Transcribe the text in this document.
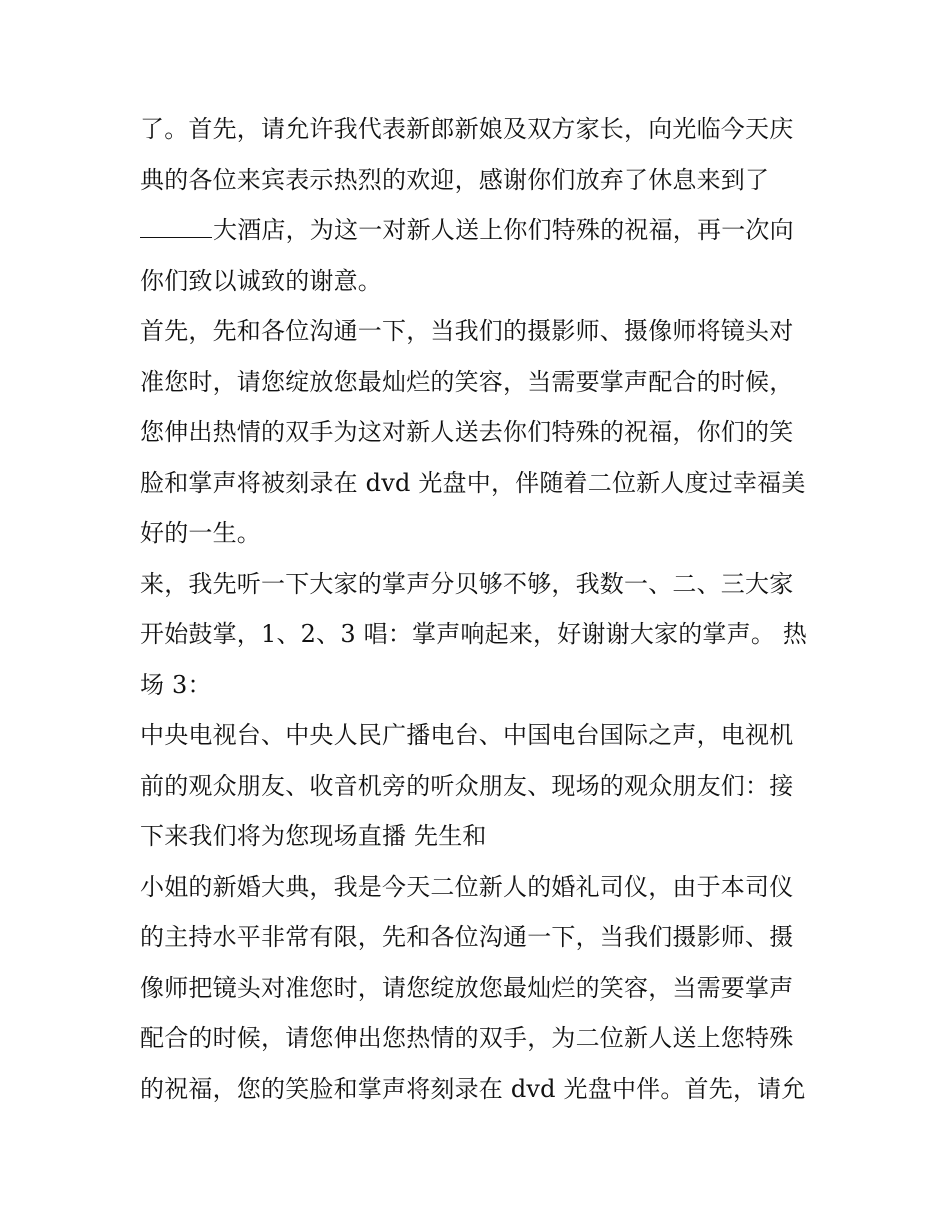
了。首先，请允许我代表新郎新娘及双方家长，向光临今天庆
典的各位来宾表示热烈的欢迎，感谢你们放弃了休息来到了
大酒店，为这一对新人送上你们特殊的祝福，再一次向
你们致以诚致的谢意。
首先，先和各位沟通一下，当我们的摄影师、摄像师将镜头对
准您时，请您绽放您最灿烂的笑容，当需要掌声配合的时候，
您伸出热情的双手为这对新人送去你们特殊的祝福，你们的笑
脸和掌声将被刻录在 dvd 光盘中，伴随着二位新人度过幸福美
好的一生。
来，我先听一下大家的掌声分贝够不够，我数一、二、三大家
开始鼓掌，1、2、3 唱：掌声响起来，好谢谢大家的掌声。 热
场 3：
中央电视台、中央人民广播电台、中国电台国际之声，电视机
前的观众朋友、收音机旁的听众朋友、现场的观众朋友们：接
下来我们将为您现场直播 先生和
小姐的新婚大典，我是今天二位新人的婚礼司仪，由于本司仪
的主持水平非常有限，先和各位沟通一下，当我们摄影师、摄
像师把镜头对准您时，请您绽放您最灿烂的笑容，当需要掌声
配合的时候，请您伸出您热情的双手，为二位新人送上您特殊
的祝福，您的笑脸和掌声将刻录在 dvd 光盘中伴。首先，请允
